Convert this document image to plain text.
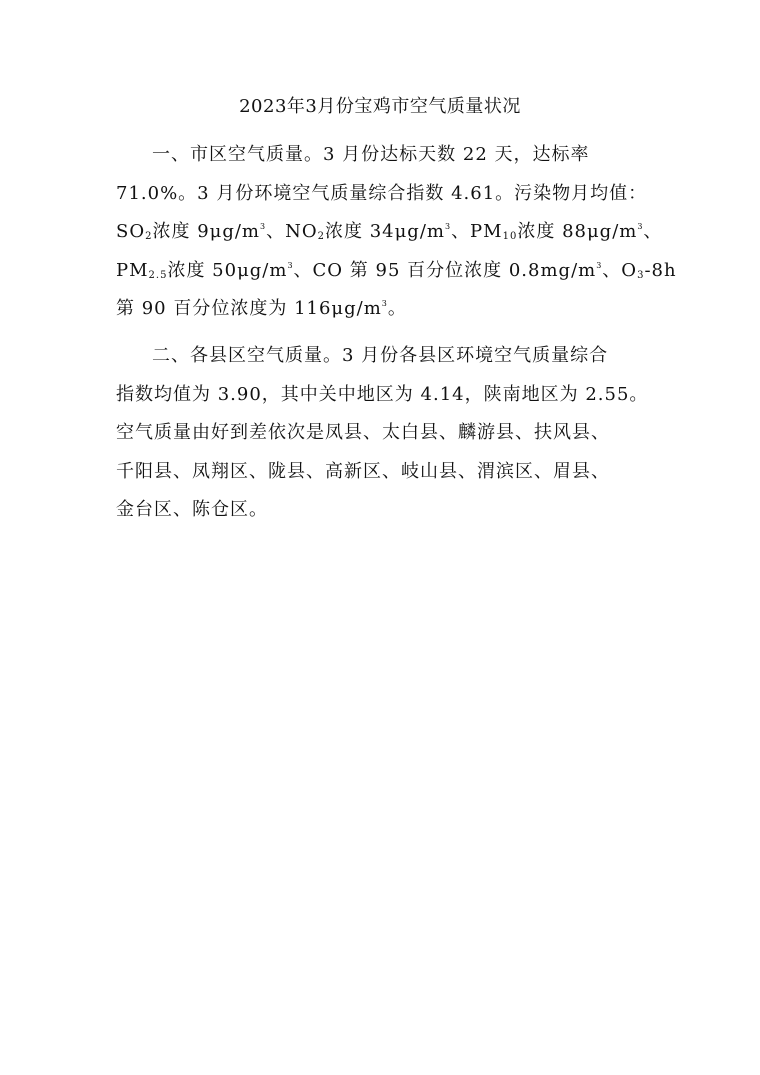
2023年3月份宝鸡市空气质量状况
一、市区空气质量。3 月份达标天数 22 天，达标率
71.0%。3 月份环境空气质量综合指数 4.61。污染物月均值：
$SO_2$浓度 $9\mu g/m^3$、$NO_2$浓度 $34\mu g/m^3$、$PM_{10}$浓度 $88\mu g/m^3$、
$PM_{2.5}$浓度 $50\mu g/m^3$、CO 第 95 百分位浓度 $0.8mg/m^3$、$O_3-8h$
第 90 百分位浓度为 $116\mu g/m^3$。
二、各县区空气质量。3 月份各县区环境空气质量综合
指数均值为 3.90，其中关中地区为 4.14，陕南地区为 2.55。
空气质量由好到差依次是凤县、太白县、麟游县、扶风县、
千阳县、凤翔区、陇县、高新区、岐山县、渭滨区、眉县、
金台区、陈仓区。
